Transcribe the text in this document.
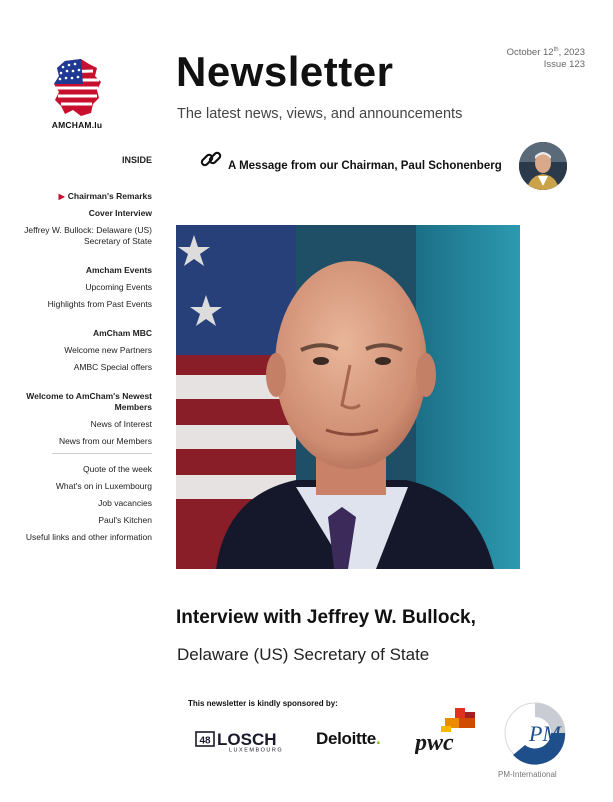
AMCHAM.lu
Newsletter
The latest news, views, and announcements
October 12th, 2023
Issue 123
INSIDE
▶ Chairman's Remarks
Cover Interview
Jeffrey W. Bullock: Delaware (US) Secretary of State
Amcham Events
Upcoming Events
Highlights from Past Events
AmCham MBC
Welcome new Partners
AMBC Special offers
Welcome to AmCham's Newest Members
News of Interest
News from our Members
Quote of the week
What's on in Luxembourg
Job vacancies
Paul's Kitchen
Useful links and other information
A Message from our Chairman, Paul Schonenberg
Interview with Jeffrey W. Bullock,
Delaware (US) Secretary of State
This newsletter is kindly sponsored by:
48 LOSCH
LUXEMBOURG
Deloitte. pwc	PM
PM-International
